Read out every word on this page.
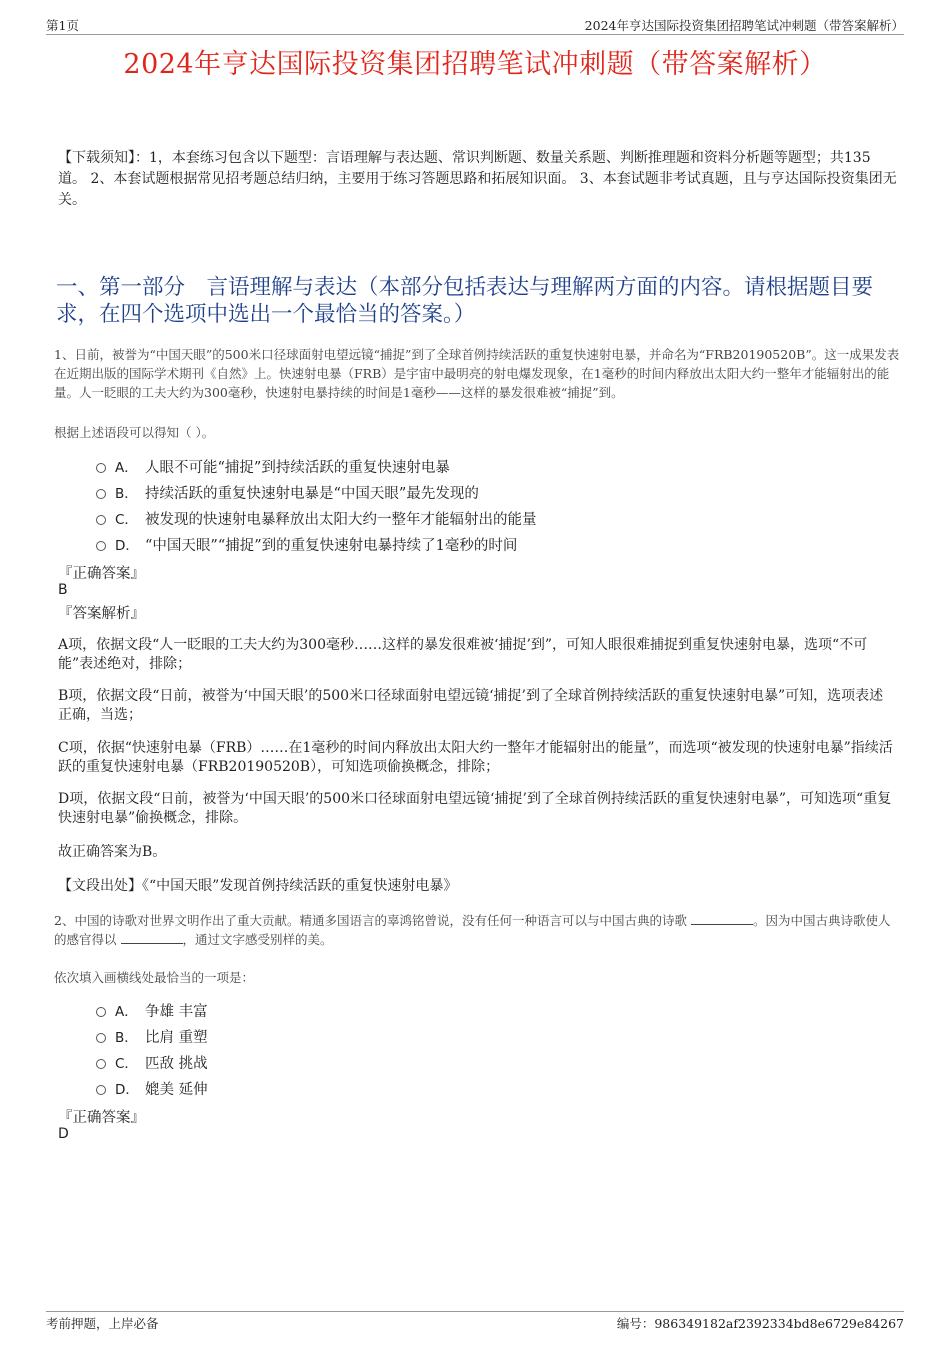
第1页	2024年亨达国际投资集团招聘笔试冲刺题（带答案解析）
2024年亨达国际投资集团招聘笔试冲刺题（带答案解析）
【下载须知】：1，本套练习包含以下题型：言语理解与表达题、常识判断题、数量关系题、判断推理题和资料分析题等题型；共135道。 2、本套试题根据常见招考题总结归纳，主要用于练习答题思路和拓展知识面。 3、本套试题非考试真题，且与亨达国际投资集团无关。
一、第一部分　言语理解与表达（本部分包括表达与理解两方面的内容。请根据题目要求，在四个选项中选出一个最恰当的答案。）
1、日前，被誉为“中国天眼”的500米口径球面射电望远镜“捕捉”到了全球首例持续活跃的重复快速射电暴，并命名为“FRB20190520B”。这一成果发表在近期出版的国际学术期刊《自然》上。快速射电暴（FRB）是宇宙中最明亮的射电爆发现象，在1毫秒的时间内释放出太阳大约一整年才能辐射出的能量。人一眨眼的工夫大约为300毫秒，快速射电暴持续的时间是1毫秒——这样的暴发很难被“捕捉”到。
根据上述语段可以得知（ ）。
A． 人眼不可能“捕捉”到持续活跃的重复快速射电暴
B． 持续活跃的重复快速射电暴是“中国天眼”最先发现的
C． 被发现的快速射电暴释放出太阳大约一整年才能辐射出的能量
D． “中国天眼”“捕捉”到的重复快速射电暴持续了1毫秒的时间
『正确答案』
B
『答案解析』
A项，依据文段“人一眨眼的工夫大约为300毫秒……这样的暴发很难被‘捕捉’到”，可知人眼很难捕捉到重复快速射电暴，选项“不可能”表述绝对，排除；
B项，依据文段“日前，被誉为‘中国天眼’的500米口径球面射电望远镜‘捕捉’到了全球首例持续活跃的重复快速射电暴”可知，选项表述正确，当选；
C项，依据“快速射电暴（FRB）……在1毫秒的时间内释放出太阳大约一整年才能辐射出的能量”，而选项“被发现的快速射电暴”指续活跃的重复快速射电暴（FRB20190520B），可知选项偷换概念，排除；
D项，依据文段“日前，被誉为‘中国天眼’的500米口径球面射电望远镜‘捕捉’到了全球首例持续活跃的重复快速射电暴”，可知选项“重复快速射电暴”偷换概念，排除。
故正确答案为B。
【文段出处】《“中国天眼”发现首例持续活跃的重复快速射电暴》
2、中国的诗歌对世界文明作出了重大贡献。精通多国语言的辜鸿铭曾说，没有任何一种语言可以与中国古典的诗歌	。因为中国古典诗歌使人的感官得以	，通过文字感受别样的美。
依次填入画横线处最恰当的一项是：
A． 争雄 丰富
B． 比肩 重塑
C． 匹敌 挑战
D． 媲美 延伸
『正确答案』
D
考前押题，上岸必备	编号：986349182af2392334bd8e6729e84267
